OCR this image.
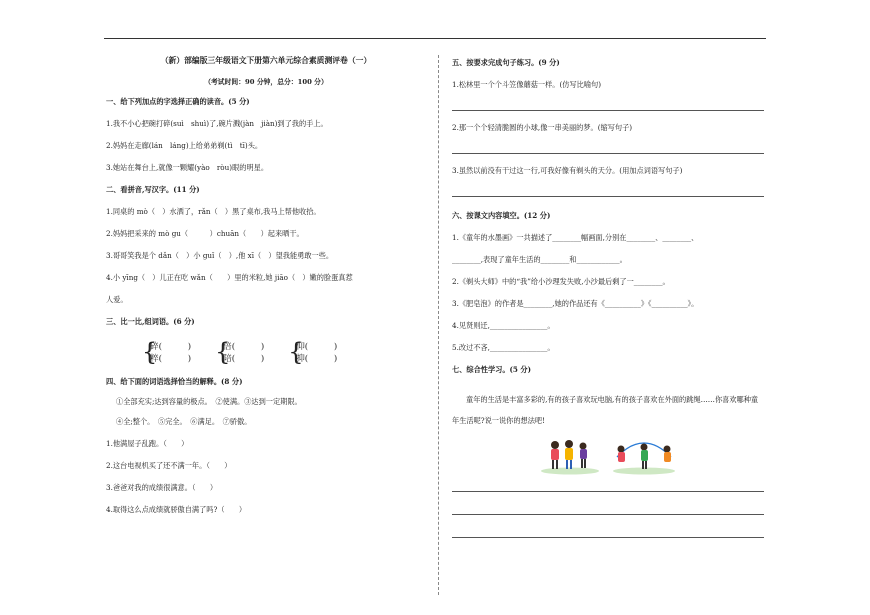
（新）部编版三年级语文下册第六单元综合素质测评卷（一）
（考试时间：90 分钟，总分：100 分）
一、给下列加点的字选择正确的读音。(5 分)
1.我不小心把碗打碎(suì　shuì)了,碗片溅(jàn　jiàn)到了我的手上。
2.妈妈在走廊(lán　láng)上给弟弟剃(tì　tī)头。
3.她站在舞台上,就像一颗耀(yào　ròu)眼的明星。
二、看拼音,写汉字。(11 分)
1.同桌的 mò（　）水洒了，rǎn（　）黑了桌布,我马上帮他收拾。
2.妈妈把采来的 mò gu（　　　）chuān（　　）起来晒干。
3.哥哥笑我是个 dǎn（　）小 guǐ（　）,他 xī（　）望我能勇敢一些。
4.小 yīng（　）儿正在吃 wǎn（　　）里的米粒,她 jiāo（　）嫩的脸蛋真惹
人爱。
三、比一比,组词语。(6 分)
{
碎(　　　)
粹(　　　) {
倍(　　　)
陪(　　　) {
仰(　　　)
抑(　　　)
四、给下面的词语选择恰当的解释。(8 分)
①全部充实;达到容量的极点。　②使满。③达到一定期限。
④全;整个。　⑤完全。　⑥满足。　⑦骄傲。
1.他满屋子乱跑。（　　）
2.这台电视机买了还不满一年。（　　）
3.爸爸对我的成绩很满意。（　　）
4.取得这么点成绩就骄傲自满了吗?（　　）
五、按要求完成句子练习。(9 分)
1.松林里一个个斗笠像蘑菇一样。(仿写比喻句)
2.那一个个轻清脆圆的小球,像一串美丽的梦。(缩写句子)
3.虽然以前没有干过这一行,可我好像有剃头的天分。(用加点词语写句子)
六、按课文内容填空。(12 分)
1.《童年的水墨画》一共描述了________幅画面,分别在________、________、
________,表现了童年生活的________和____________。
2.《剃头大师》中的“我”给小沙理发失败,小沙最后剩了一________。
3.《肥皂泡》的作者是________,她的作品还有《__________》《__________》。
4.见贤则迁,________________。
5.改过不吝,________________。
七、综合性学习。(5 分)
童年的生活是丰富多彩的,有的孩子喜欢玩电脑,有的孩子喜欢在外面的跳绳……你喜欢哪种童年生活呢?说一说你的想法吧!
